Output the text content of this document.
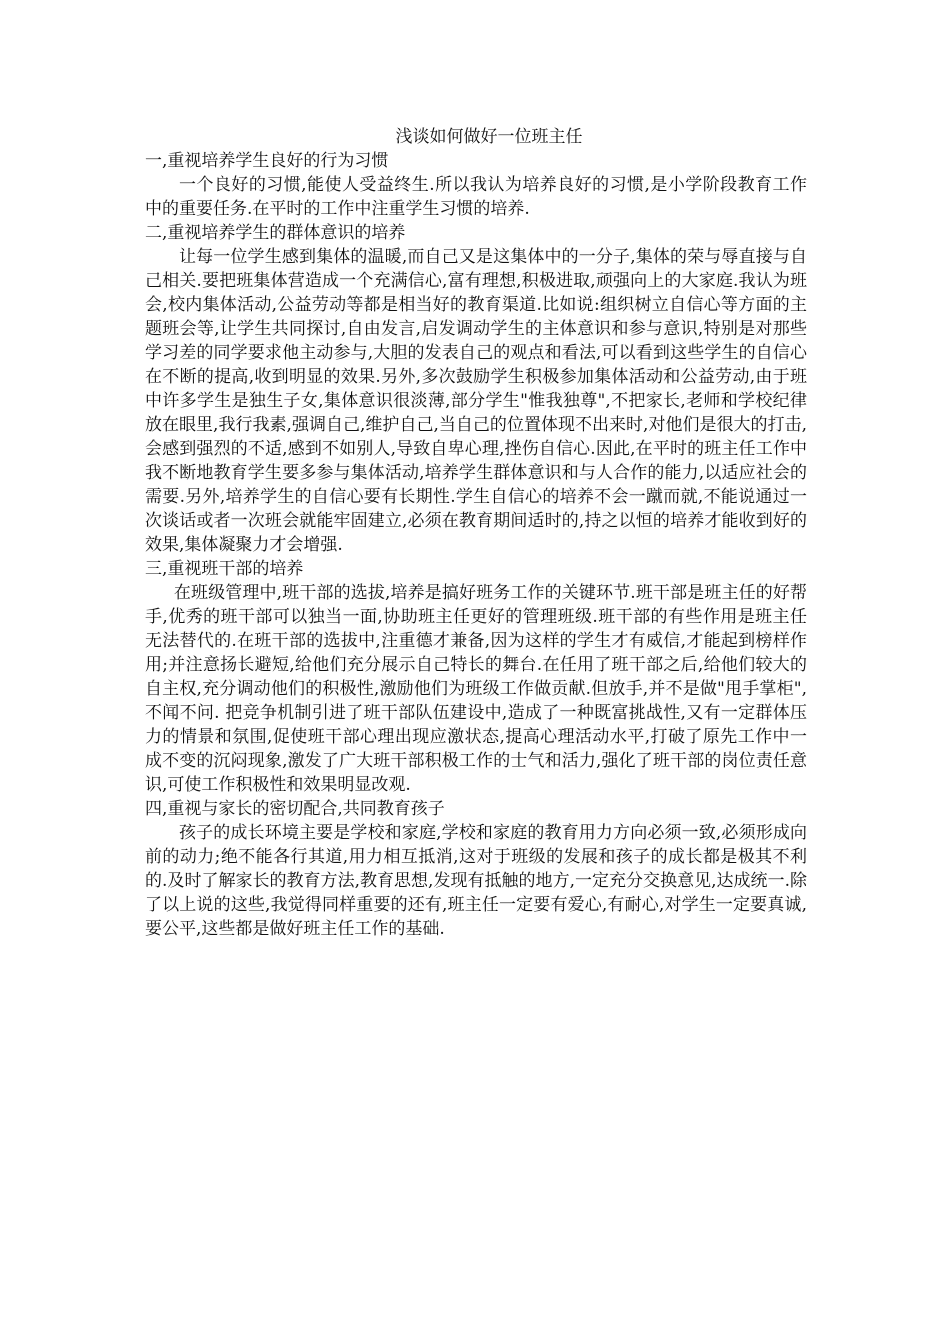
浅谈如何做好一位班主任
一,重视培养学生良好的行为习惯

一个良好的习惯,能使人受益终生.所以我认为培养良好的习惯,是小学阶段教育工作中的重要任务.在平时的工作中注重学生习惯的培养.

二,重视培养学生的群体意识的培养

让每一位学生感到集体的温暖,而自己又是这集体中的一分子,集体的荣与辱直接与自己相关.要把班集体营造成一个充满信心,富有理想,积极进取,顽强向上的大家庭.我认为班会,校内集体活动,公益劳动等都是相当好的教育渠道.比如说:组织树立自信心等方面的主题班会等,让学生共同探讨,自由发言,启发调动学生的主体意识和参与意识,特别是对那些学习差的同学要求他主动参与,大胆的发表自己的观点和看法,可以看到这些学生的自信心在不断的提高,收到明显的效果.另外,多次鼓励学生积极参加集体活动和公益劳动,由于班中许多学生是独生子女,集体意识很淡薄,部分学生"惟我独尊",不把家长,老师和学校纪律放在眼里,我行我素,强调自己,维护自己,当自己的位置体现不出来时,对他们是很大的打击,会感到强烈的不适,感到不如别人,导致自卑心理,挫伤自信心.因此,在平时的班主任工作中我不断地教育学生要多参与集体活动,培养学生群体意识和与人合作的能力,以适应社会的需要.另外,培养学生的自信心要有长期性.学生自信心的培养不会一蹴而就,不能说通过一次谈话或者一次班会就能牢固建立,必须在教育期间适时的,持之以恒的培养才能收到好的效果,集体凝聚力才会增强.

三,重视班干部的培养

在班级管理中,班干部的选拔,培养是搞好班务工作的关键环节.班干部是班主任的好帮手,优秀的班干部可以独当一面,协助班主任更好的管理班级.班干部的有些作用是班主任无法替代的.在班干部的选拔中,注重德才兼备,因为这样的学生才有威信,才能起到榜样作用;并注意扬长避短,给他们充分展示自己特长的舞台.在任用了班干部之后,给他们较大的自主权,充分调动他们的积极性,激励他们为班级工作做贡献.但放手,并不是做"甩手掌柜",不闻不问. 把竞争机制引进了班干部队伍建设中,造成了一种既富挑战性,又有一定群体压力的情景和氛围,促使班干部心理出现应激状态,提高心理活动水平,打破了原先工作中一成不变的沉闷现象,激发了广大班干部积极工作的士气和活力,强化了班干部的岗位责任意识,可使工作积极性和效果明显改观.

四,重视与家长的密切配合,共同教育孩子

孩子的成长环境主要是学校和家庭,学校和家庭的教育用力方向必须一致,必须形成向前的动力;绝不能各行其道,用力相互抵消,这对于班级的发展和孩子的成长都是极其不利的.及时了解家长的教育方法,教育思想,发现有抵触的地方,一定充分交换意见,达成统一.除了以上说的这些,我觉得同样重要的还有,班主任一定要有爱心,有耐心,对学生一定要真诚,要公平,这些都是做好班主任工作的基础.
